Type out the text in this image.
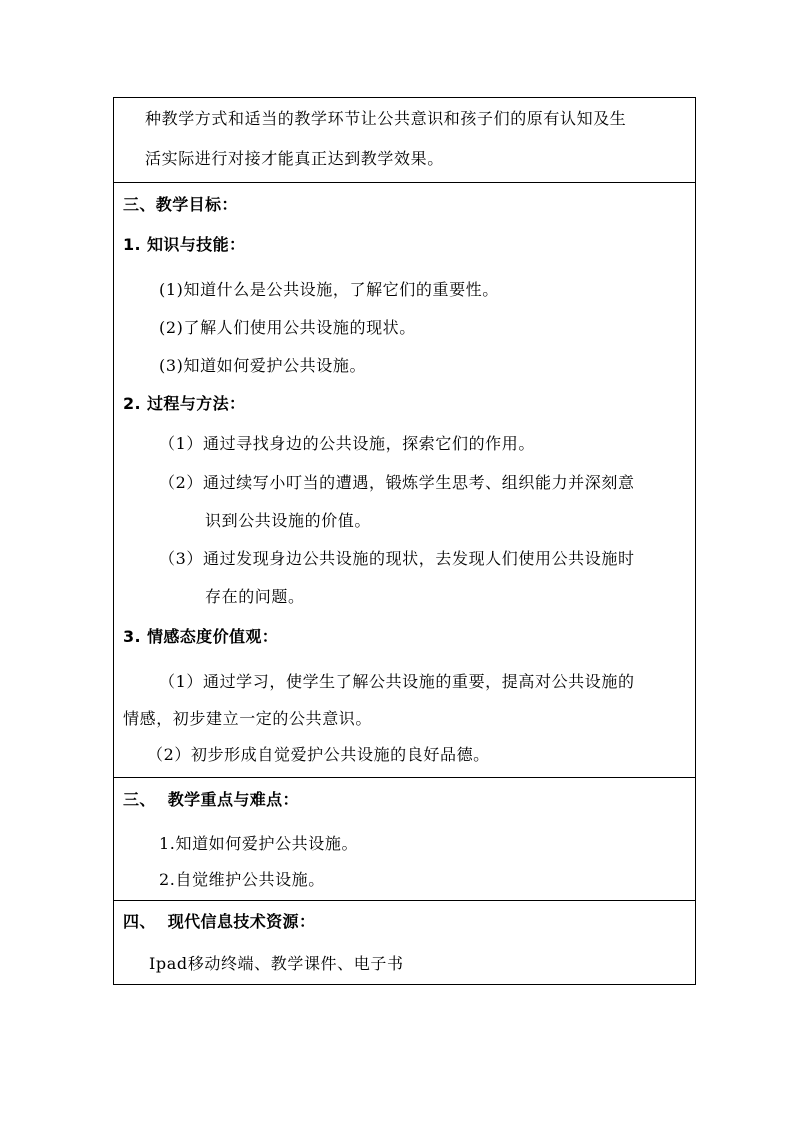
种教学方式和适当的教学环节让公共意识和孩子们的原有认知及生
活实际进行对接才能真正达到教学效果。
三、教学目标：
1. 知识与技能：
(1)知道什么是公共设施，了解它们的重要性。
(2)了解人们使用公共设施的现状。
(3)知道如何爱护公共设施。
2. 过程与方法：
（1）通过寻找身边的公共设施，探索它们的作用。
（2）通过续写小叮当的遭遇，锻炼学生思考、组织能力并深刻意
识到公共设施的价值。
（3）通过发现身边公共设施的现状，去发现人们使用公共设施时
存在的问题。
3. 情感态度价值观：
（1）通过学习，使学生了解公共设施的重要，提高对公共设施的
情感，初步建立一定的公共意识。
（2）初步形成自觉爱护公共设施的良好品德。
三、  教学重点与难点：
1.知道如何爱护公共设施。
2.自觉维护公共设施。
四、  现代信息技术资源：
Ipad移动终端、教学课件、电子书
